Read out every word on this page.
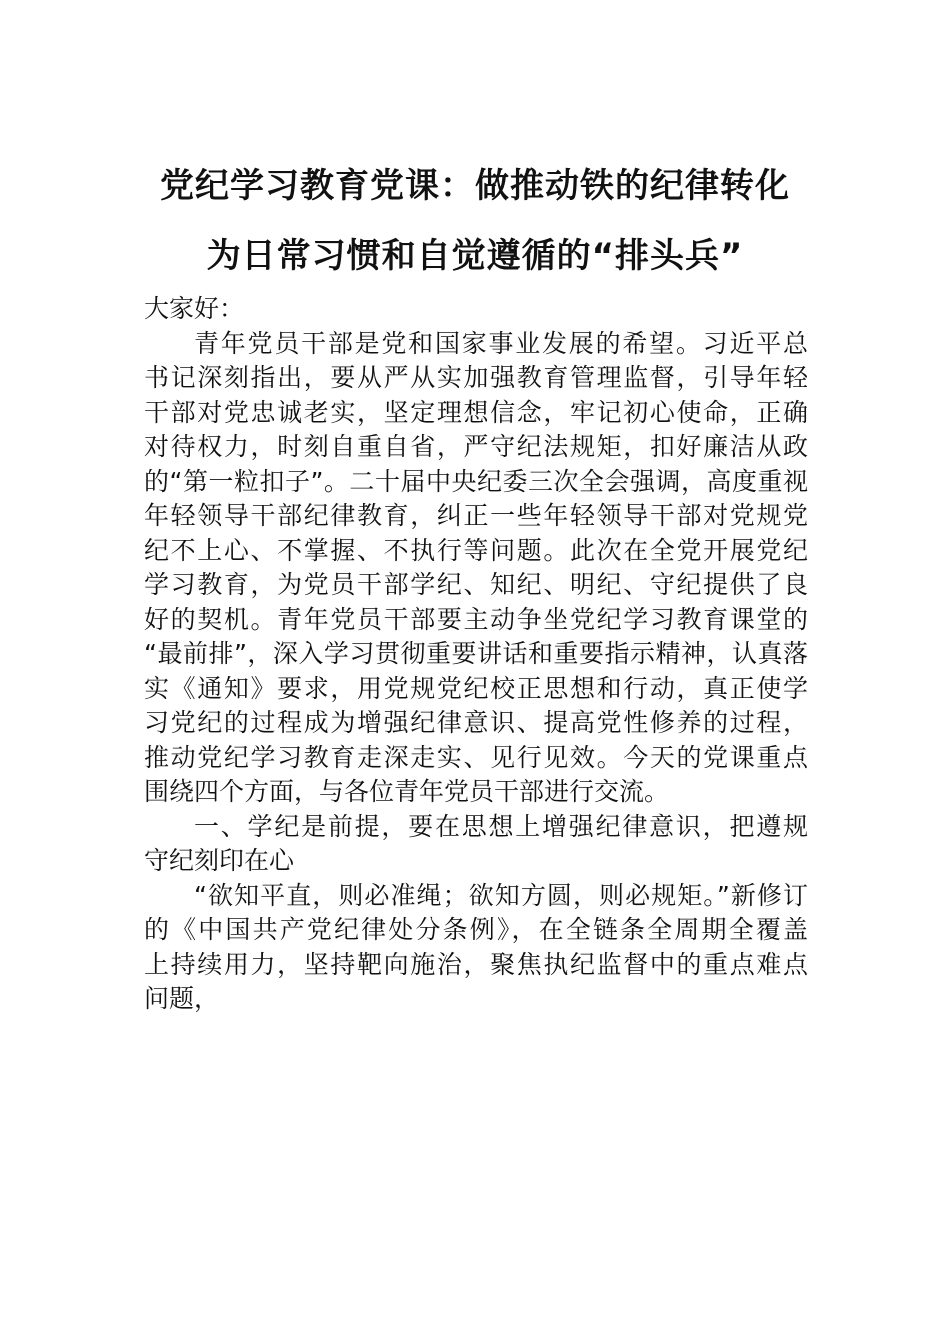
党纪学习教育党课：做推动铁的纪律转化
为日常习惯和自觉遵循的“排头兵”
大家好：
青年党员干部是党和国家事业发展的希望。习近平总
书记深刻指出，要从严从实加强教育管理监督，引导年轻
干部对党忠诚老实，坚定理想信念，牢记初心使命，正确
对待权力，时刻自重自省，严守纪法规矩，扣好廉洁从政
的“第一粒扣子”。二十届中央纪委三次全会强调，高度重视
年轻领导干部纪律教育，纠正一些年轻领导干部对党规党
纪不上心、不掌握、不执行等问题。此次在全党开展党纪
学习教育，为党员干部学纪、知纪、明纪、守纪提供了良
好的契机。青年党员干部要主动争坐党纪学习教育课堂的
“最前排”，深入学习贯彻重要讲话和重要指示精神，认真落
实《通知》要求，用党规党纪校正思想和行动，真正使学
习党纪的过程成为增强纪律意识、提高党性修养的过程，
推动党纪学习教育走深走实、见行见效。今天的党课重点
围绕四个方面，与各位青年党员干部进行交流。
一、学纪是前提，要在思想上增强纪律意识，把遵规
守纪刻印在心
“欲知平直，则必准绳；欲知方圆，则必规矩。”新修订
的《中国共产党纪律处分条例》，在全链条全周期全覆盖
上持续用力，坚持靶向施治，聚焦执纪监督中的重点难点
问题，
